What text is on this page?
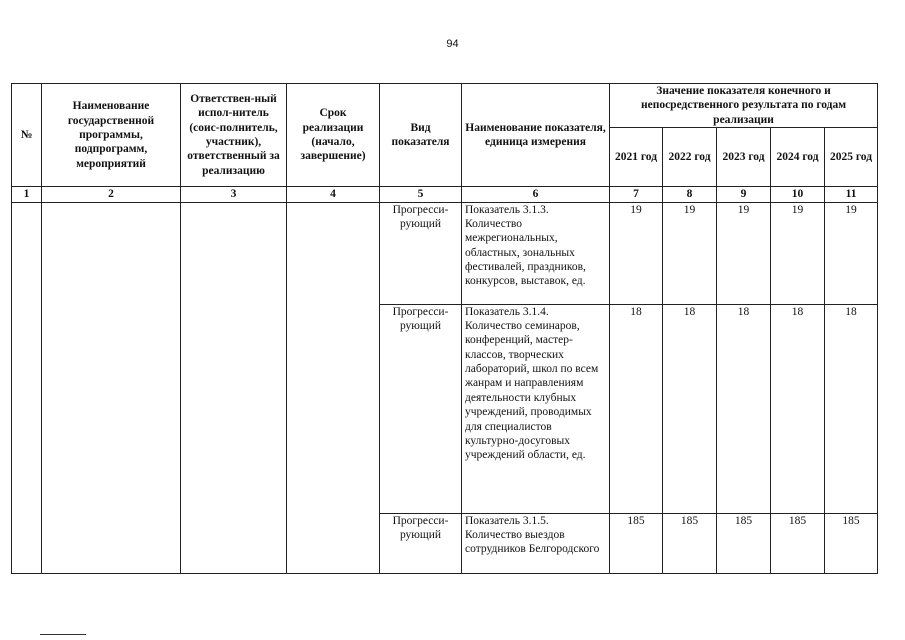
94
№	Наименование государственной программы, подпрограмм, мероприятий	Ответствен-ный испол-нитель (соис-полнитель, участник), ответственный за реализацию	Срок реализации (начало, завершение)	Вид показателя	Наименование показателя, единица измерения	Значение показателя конечного и непосредственного результата по годам реализации				
						2021 год	2022 год	2023 год	2024 год	2025 год
1	2	3	4	5	6	7	8	9	10	11
				Прогресси-рующий	Показатель 3.1.3. Количество межрегиональных, областных, зональных фестивалей, праздников, конкурсов, выставок, ед.	19	19	19	19	19
				Прогресси-рующий	Показатель 3.1.4. Количество семинаров, конференций, мастер-классов, творческих лабораторий, школ по всем жанрам и направлениям деятельности клубных учреждений, проводимых для специалистов культурно-досуговых учреждений области, ед.	18	18	18	18	18
				Прогресси-рующий	Показатель 3.1.5. Количество выездов сотрудников Белгородского	185	185	185	185	185
